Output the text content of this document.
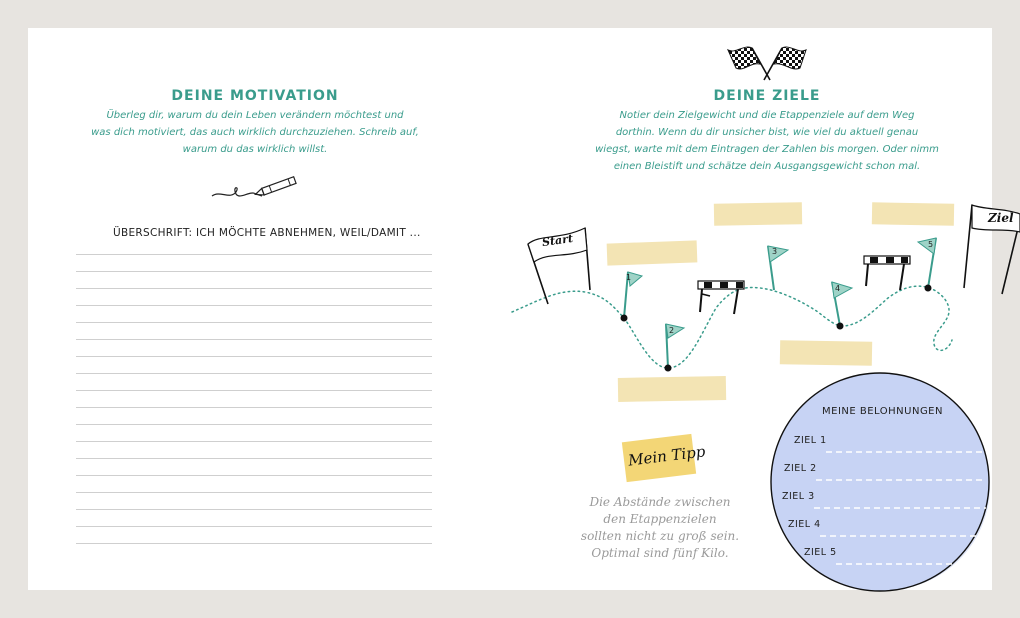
DEINE MOTIVATION
Überleg dir, warum du dein Leben verändern möchtest und
was dich motiviert, das auch wirklich durchzuziehen. Schreib auf,
warum du das wirklich willst.
ÜBERSCHRIFT: ICH MÖCHTE ABNEHMEN, WEIL/DAMIT ...
DEINE ZIELE
Notier dein Zielgewicht und die Etappenziele auf dem Weg
dorthin. Wenn du dir unsicher bist, wie viel du aktuell genau
wiegst, warte mit dem Eintragen der Zahlen bis morgen. Oder nimm
einen Bleistift und schätze dein Ausgangsgewicht schon mal.
Start
Ziel
1
2
3
4
5
Mein Tipp
Die Abstände zwischen
den Etappenzielen
sollten nicht zu groß sein.
Optimal sind fünf Kilo.
MEINE BELOHNUNGEN
ZIEL 1
ZIEL 2
ZIEL 3
ZIEL 4
ZIEL 5
